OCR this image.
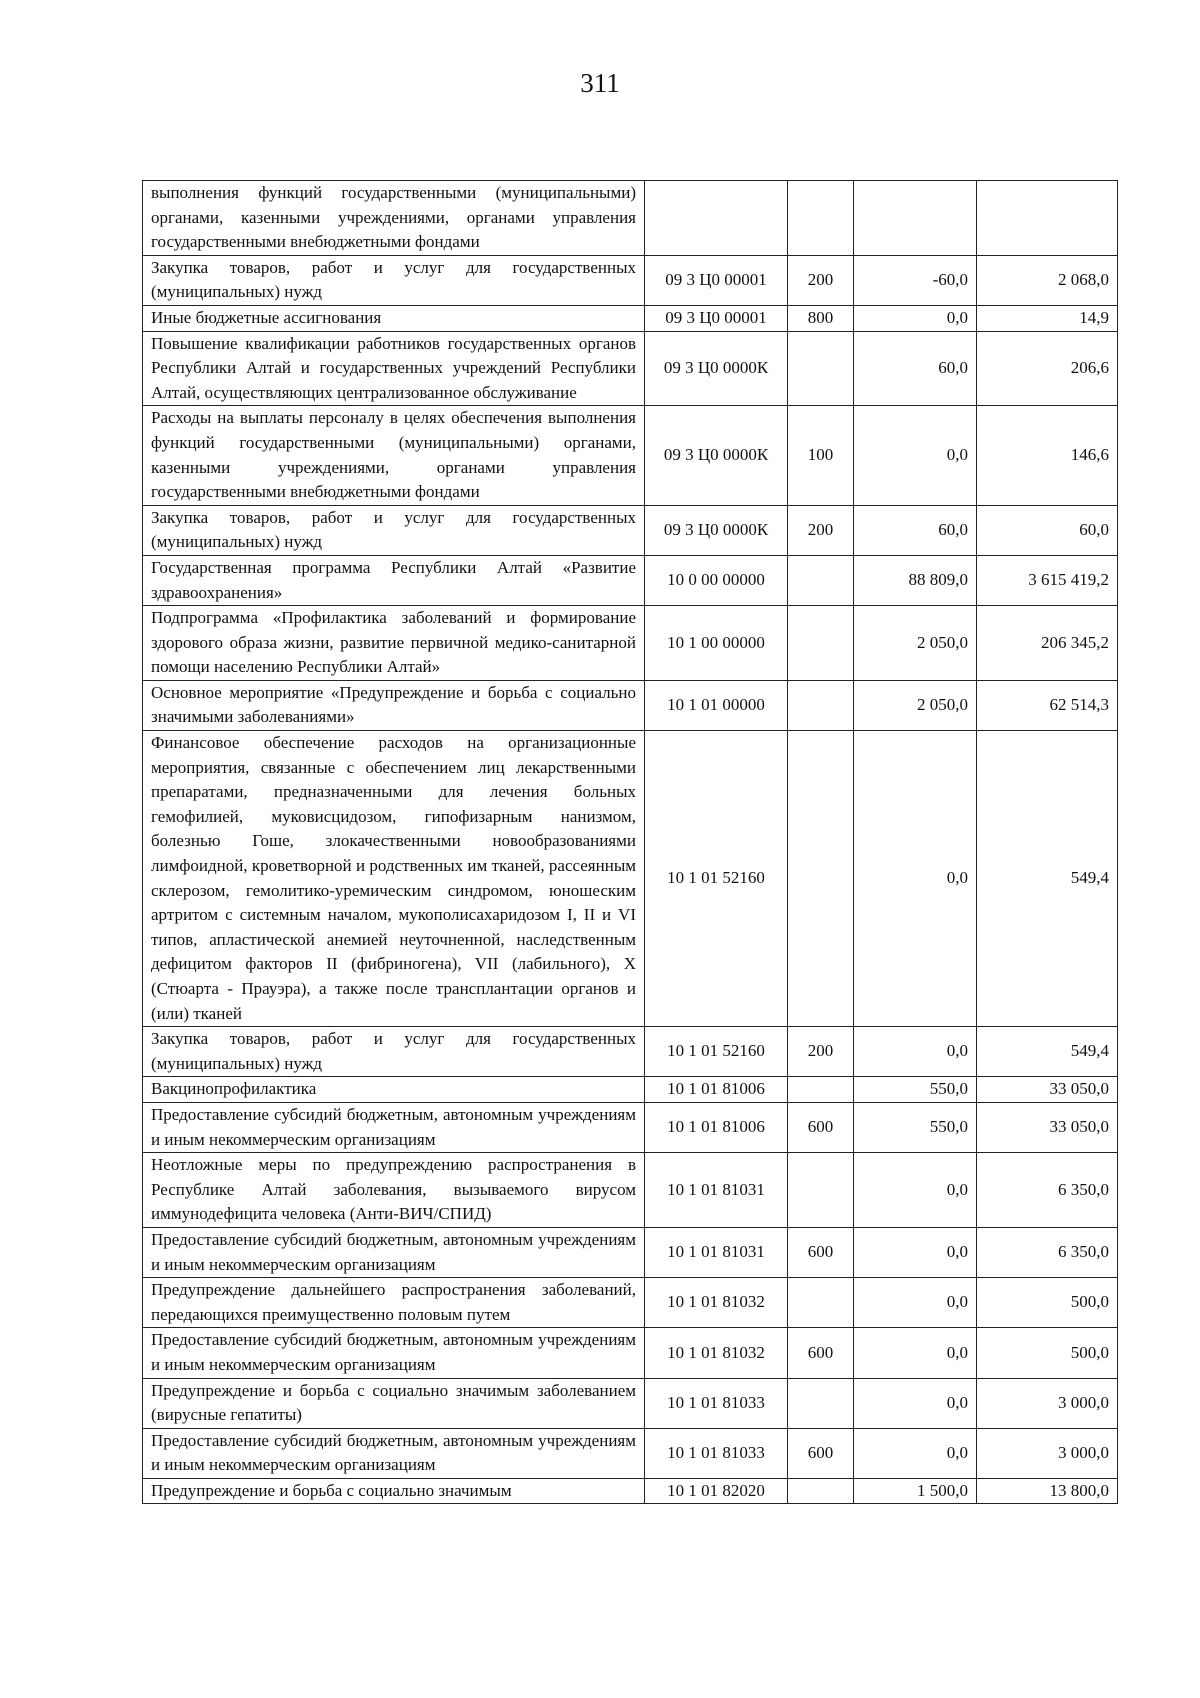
311
выполнения функций государственными (муниципальными) органами, казенными учреждениями, органами управления государственными внебюджетными фондами				
Закупка товаров, работ и услуг для государственных (муниципальных) нужд	09 3 Ц0 00001	200	-60,0	2 068,0
Иные бюджетные ассигнования	09 3 Ц0 00001	800	0,0	14,9
Повышение квалификации работников государственных органов Республики Алтай и государственных учреждений Республики Алтай, осуществляющих централизованное обслуживание	09 3 Ц0 0000К		60,0	206,6
Расходы на выплаты персоналу в целях обеспечения выполнения функций государственными (муниципальными) органами, казенными учреждениями, органами управления государственными внебюджетными фондами	09 3 Ц0 0000К	100	0,0	146,6
Закупка товаров, работ и услуг для государственных (муниципальных) нужд	09 3 Ц0 0000К	200	60,0	60,0
Государственная программа Республики Алтай «Развитие здравоохранения»	10 0 00 00000		88 809,0	3 615 419,2
Подпрограмма «Профилактика заболеваний и формирование здорового образа жизни, развитие первичной медико-санитарной помощи населению Республики Алтай»	10 1 00 00000		2 050,0	206 345,2
Основное мероприятие «Предупреждение и борьба с социально значимыми заболеваниями»	10 1 01 00000		2 050,0	62 514,3
Финансовое обеспечение расходов на организационные мероприятия, связанные с обеспечением лиц лекарственными препаратами, предназначенными для лечения больных гемофилией, муковисцидозом, гипофизарным нанизмом, болезнью Гоше, злокачественными новообразованиями лимфоидной, кроветворной и родственных им тканей, рассеянным склерозом, гемолитико-уремическим синдромом, юношеским артритом с системным началом, мукополисахаридозом I, II и VI типов, апластической анемией неуточненной, наследственным дефицитом факторов II (фибриногена), VII (лабильного), X (Стюарта - Прауэра), а также после трансплантации органов и (или) тканей	10 1 01 52160		0,0	549,4
Закупка товаров, работ и услуг для государственных (муниципальных) нужд	10 1 01 52160	200	0,0	549,4
Вакцинопрофилактика	10 1 01 81006		550,0	33 050,0
Предоставление субсидий бюджетным, автономным учреждениям и иным некоммерческим организациям	10 1 01 81006	600	550,0	33 050,0
Неотложные меры по предупреждению распространения в Республике Алтай заболевания, вызываемого вирусом иммунодефицита человека (Анти-ВИЧ/СПИД)	10 1 01 81031		0,0	6 350,0
Предоставление субсидий бюджетным, автономным учреждениям и иным некоммерческим организациям	10 1 01 81031	600	0,0	6 350,0
Предупреждение дальнейшего распространения заболеваний, передающихся преимущественно половым путем	10 1 01 81032		0,0	500,0
Предоставление субсидий бюджетным, автономным учреждениям и иным некоммерческим организациям	10 1 01 81032	600	0,0	500,0
Предупреждение и борьба с социально значимым заболеванием (вирусные гепатиты)	10 1 01 81033		0,0	3 000,0
Предоставление субсидий бюджетным, автономным учреждениям и иным некоммерческим организациям	10 1 01 81033	600	0,0	3 000,0
Предупреждение и борьба с социально значимым	10 1 01 82020		1 500,0	13 800,0
